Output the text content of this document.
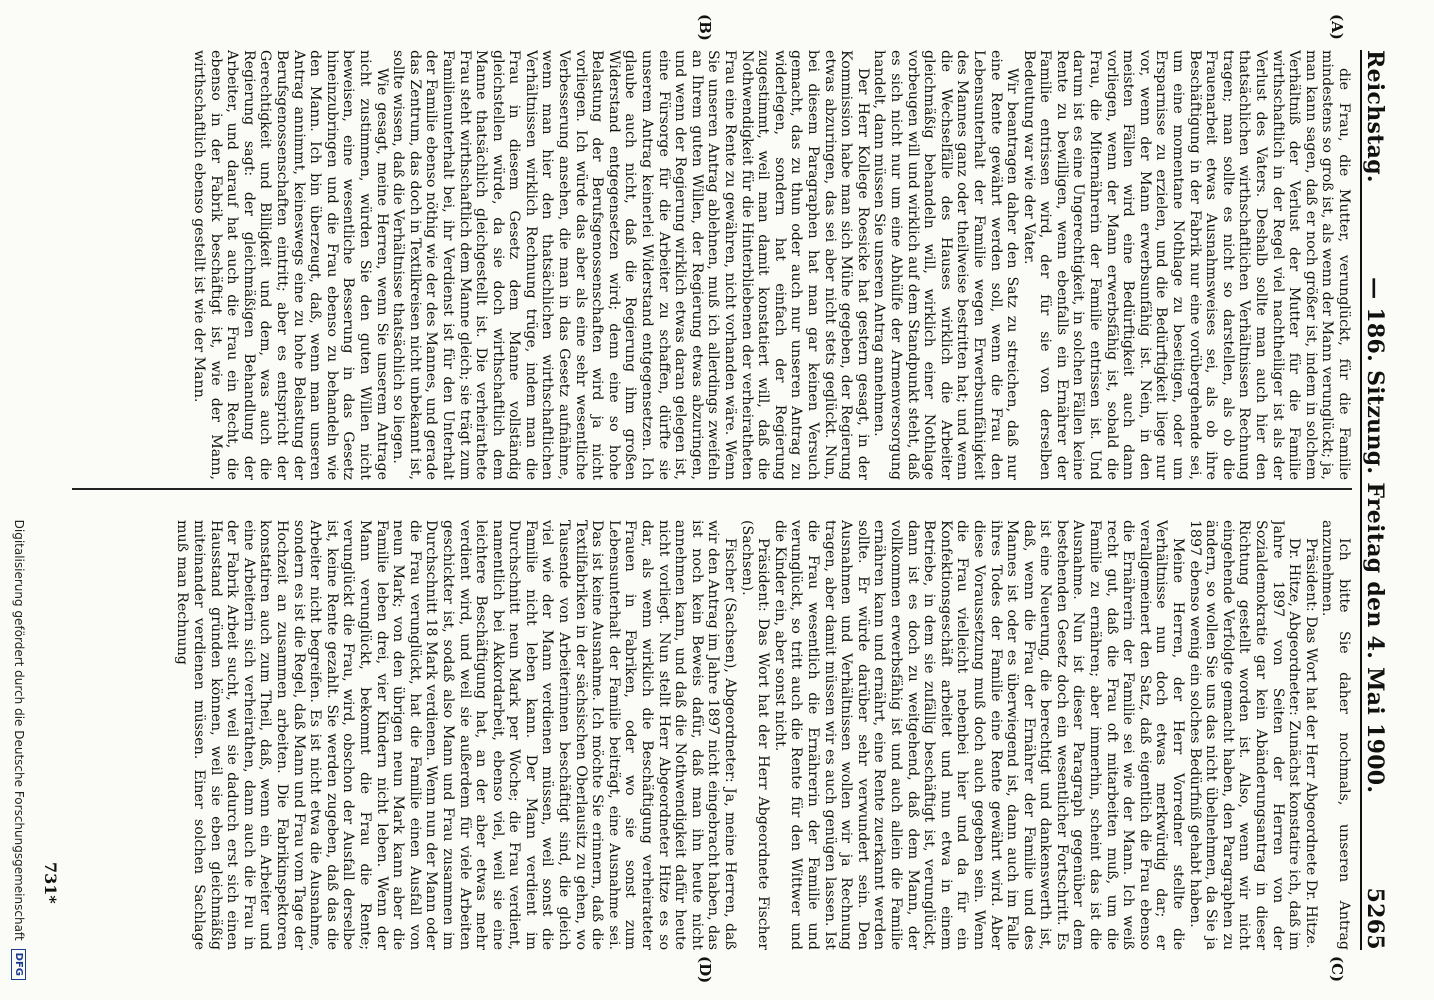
Reichstag.
— 186. Sitzung. Freitag den 4. Mai 1900.
5265
(A)
(B)
(C)
(D)

die Frau, die Mutter, verunglückt, für die Familie mindestens so groß ist, als wenn der Mann verunglückt; ja, man kann sagen, daß er noch größer ist, indem in solchem Verhältniß der Verlust der Mutter für die Familie wirthschaftlich in der Regel viel nachtheiliger ist als der Verlust des Vaters. Deshalb sollte man auch hier den thatsächlichen wirthschaftlichen Verhältnissen Rechnung tragen; man sollte es nicht so darstellen, als ob die Frauenarbeit etwas Ausnahmsweises sei, als ob ihre Beschäftigung in der Fabrik nur eine vorübergehende sei, um eine momentane Nothlage zu beseitigen, oder um Ersparnisse zu erzielen, und die Bedürftigkeit liege nur vor, wenn der Mann erwerbsunfähig ist. Nein, in den meisten Fällen wird eine Bedürftigkeit auch dann vorliegen, wenn der Mann erwerbsfähig ist, sobald die Frau, die Miternährerin der Familie entrissen ist. Und darum ist es eine Ungerechtigkeit, in solchen Fällen keine Rente zu bewilligen, wenn ebenfalls ein Ernährer der Familie entrissen wird, der für sie von derselben Bedeutung war wie der Vater.

Wir beantragen daher den Satz zu streichen, daß nur eine Rente gewährt werden soll, wenn die Frau den Lebensunterhalt der Familie wegen Erwerbsunfähigkeit des Mannes ganz oder theilweise bestritten hat; und wenn die Wechselfälle des Hauses wirklich die Arbeiter gleichmäßig behandeln will, wirklich einer Nothlage vorbeugen will und wirklich auf dem Standpunkt steht, daß es sich nicht nur um eine Abhülfe der Armenversorgung handelt, dann müssen Sie unseren Antrag annehmen.

Der Herr Kollege Roesicke hat gestern gesagt, in der Kommission habe man sich Mühe gegeben, der Regierung etwas abzuringen, das sei aber nicht stets geglückt. Nun, bei diesem Paragraphen hat man gar keinen Versuch gemacht, das zu thun oder auch nur unseren Antrag zu widerlegen, sondern hat einfach der Regierung zugestimmt, weil man damit konstatiert will, daß die Nothwendigkeit für die Hinterbliebenen der verheiratheten Frau eine Rente zu gewähren, nicht vorhanden wäre. Wenn Sie unseren Antrag ablehnen, muß ich allerdings zweifeln an Ihrem guten Willen, der Regierung etwas abzuringen, und wenn der Regierung wirklich etwas daran gelegen ist, eine Fürsorge für die Arbeiter zu schaffen, dürfte sie unserem Antrag keinerlei Widerstand entgegensetzen. Ich glaube auch nicht, daß die Regierung ihm großen Widerstand entgegensetzen wird; denn eine so hohe Belastung der Berufsgenossenschaften wird ja nicht vorliegen. Ich würde das aber als eine sehr wesentliche Verbesserung ansehen, die man in das Gesetz aufnähme, wenn man hier den thatsächlichen wirthschaftlichen Verhältnissen wirklich Rechnung trüge, indem man die Frau in diesem Gesetz dem Manne vollständig gleichstellen würde, da sie doch wirthschaftlich dem Manne thatsächlich gleichgestellt ist. Die verheirathete Frau steht wirthschaftlich dem Manne gleich; sie trägt zum Familienunterhalt bei, ihr Verdienst ist für den Unterhalt der Familie ebenso nöthig wie der des Mannes, und gerade das Zentrum, das doch in Textilkreisen nicht unbekannt ist, sollte wissen, daß die Verhältnisse thatsächlich so liegen.

Wie gesagt, meine Herren, wenn Sie unserem Antrage nicht zustimmen, würden Sie den guten Willen nicht beweisen, eine wesentliche Besserung in das Gesetz hineinzubringen und die Frau ebenso zu behandeln wie den Mann. Ich bin überzeugt, daß, wenn man unseren Antrag annimmt, keineswegs eine zu hohe Belastung der Berufsgenossenschaften eintritt; aber es entspricht der Gerechtigkeit und Billigkeit und dem, was auch die Regierung sagt: der gleichmäßigen Behandlung der Arbeiter, und darauf hat auch die Frau ein Recht, die ebenso in der Fabrik beschäftigt ist, wie der Mann, wirthschaftlich ebenso gestellt ist wie der Mann.

Ich bitte Sie daher nochmals, unseren Antrag anzunehmen.

Präsident: Das Wort hat der Herr Abgeordnete Dr. Hitze.

Dr. Hitze, Abgeordneter: Zunächst konstatire ich, daß im Jahre 1897 von Seiten der Herren von der Sozialdemokratie gar kein Abänderungsantrag in dieser Richtung gestellt worden ist. Also, wenn wir nicht eingehende Verfolgte gemacht haben, den Paragraphen zu ändern, so wollen Sie uns das nicht übelnehmen, da Sie ja 1897 ebenso wenig ein solches Bedürfniß gehabt haben.

Meine Herren, der Herr Vorredner stellte die Verhältnisse nun doch etwas merkwürdig dar; er verallgemeinert den Satz, daß eigentlich die Frau ebenso die Ernährerin der Familie sei wie der Mann. Ich weiß recht gut, daß die Frau oft mitarbeiten muß, um die Familie zu ernähren; aber immerhin, scheint das ist die Ausnahme. Nun ist dieser Paragraph gegenüber dem bestehenden Gesetz doch ein wesentlicher Fortschritt. Es ist eine Neuerung, die berechtigt und dankenswerth ist, daß, wenn die Frau der Ernährer der Familie und des Mannes ist oder es überwiegend ist, dann auch im Falle ihres Todes der Familie eine Rente gewährt wird. Aber diese Voraussetzung muß doch auch gegeben sein. Wenn die Frau vielleicht nebenbei hier und da für ein Konfektionsgeschäft arbeitet und nun etwa in einem Betriebe, in dem sie zufällig beschäftigt ist, verunglückt, dann ist es doch zu weitgehend, daß dem Mann, der vollkommen erwerbsfähig ist und auch allein die Familie ernähren kann und ernährt, eine Rente zuerkannt werden sollte. Er würde darüber sehr verwundert sein. Den Ausnahmen und Verhältnissen wollen wir ja Rechnung tragen, aber damit müssen wir es auch genügen lassen. Ist die Frau wesentlich die Ernährerin der Familie und verunglückt, so tritt auch die Rente für den Wittwer und die Kinder ein, aber sonst nicht.

Präsident: Das Wort hat der Herr Abgeordnete Fischer (Sachsen).

Fischer (Sachsen), Abgeordneter: Ja, meine Herren, daß wir den Antrag im Jahre 1897 nicht eingebracht haben, das ist noch kein Beweis dafür, daß man ihn heute nicht annehmen kann, und daß die Nothwendigkeit dafür heute nicht vorliegt. Nun stellt Herr Abgeordneter Hitze es so dar, als wenn wirklich die Beschäftigung verheirateter Frauen in Fabriken, oder wo sie sonst zum Lebensunterhalt der Familie beiträgt, eine Ausnahme sei. Das ist keine Ausnahme. Ich möchte Sie erinnern, daß die Textilfabriken in der sächsischen Oberlausitz zu gehen, wo Tausende von Arbeiterinnen beschäftigt sind, die gleich viel wie der Mann verdienen müssen, weil sonst die Familie nicht leben kann. Der Mann verdient im Durchschnitt neun Mark per Woche; die Frau verdient, namentlich bei Akkordarbeit, ebenso viel, weil sie eine leichtere Beschäftigung hat, an der aber etwas mehr verdient wird, und weil sie außerdem für viele Arbeiten geschickter ist, sodaß also Mann und Frau zusammen im Durchschnitt 18 Mark verdienen. Wenn nun der Mann oder die Frau verunglückt, hat die Familie einen Ausfall von neun Mark; von den übrigen neun Mark kann aber die Familie leben drei, vier Kindern nicht leben. Wenn der Mann verunglückt, bekommt die Frau die Rente; verunglückt die Frau, wird, obschon der Ausfall derselbe ist, keine Rente gezahlt. Sie werden zugeben, daß das die Arbeiter nicht begreifen. Es ist nicht etwa die Ausnahme, sondern es ist die Regel, daß Mann und Frau vom Tage der Hochzeit an zusammen arbeiten. Die Fabrikinspektoren konstatiren auch zum Theil, daß, wenn ein Arbeiter und eine Arbeiterin sich verheirathen, dann auch die Frau in der Fabrik Arbeit sucht, weil sie dadurch erst sich einen Hausstand gründen können, weil sie eben gleichmäßig miteinander verdienen müssen. Einer solchen Sachlage muß man Rechnung

731*
Digitalisierung gefördert durch die Deutsche Forschungsgemeinschaft
DFG
